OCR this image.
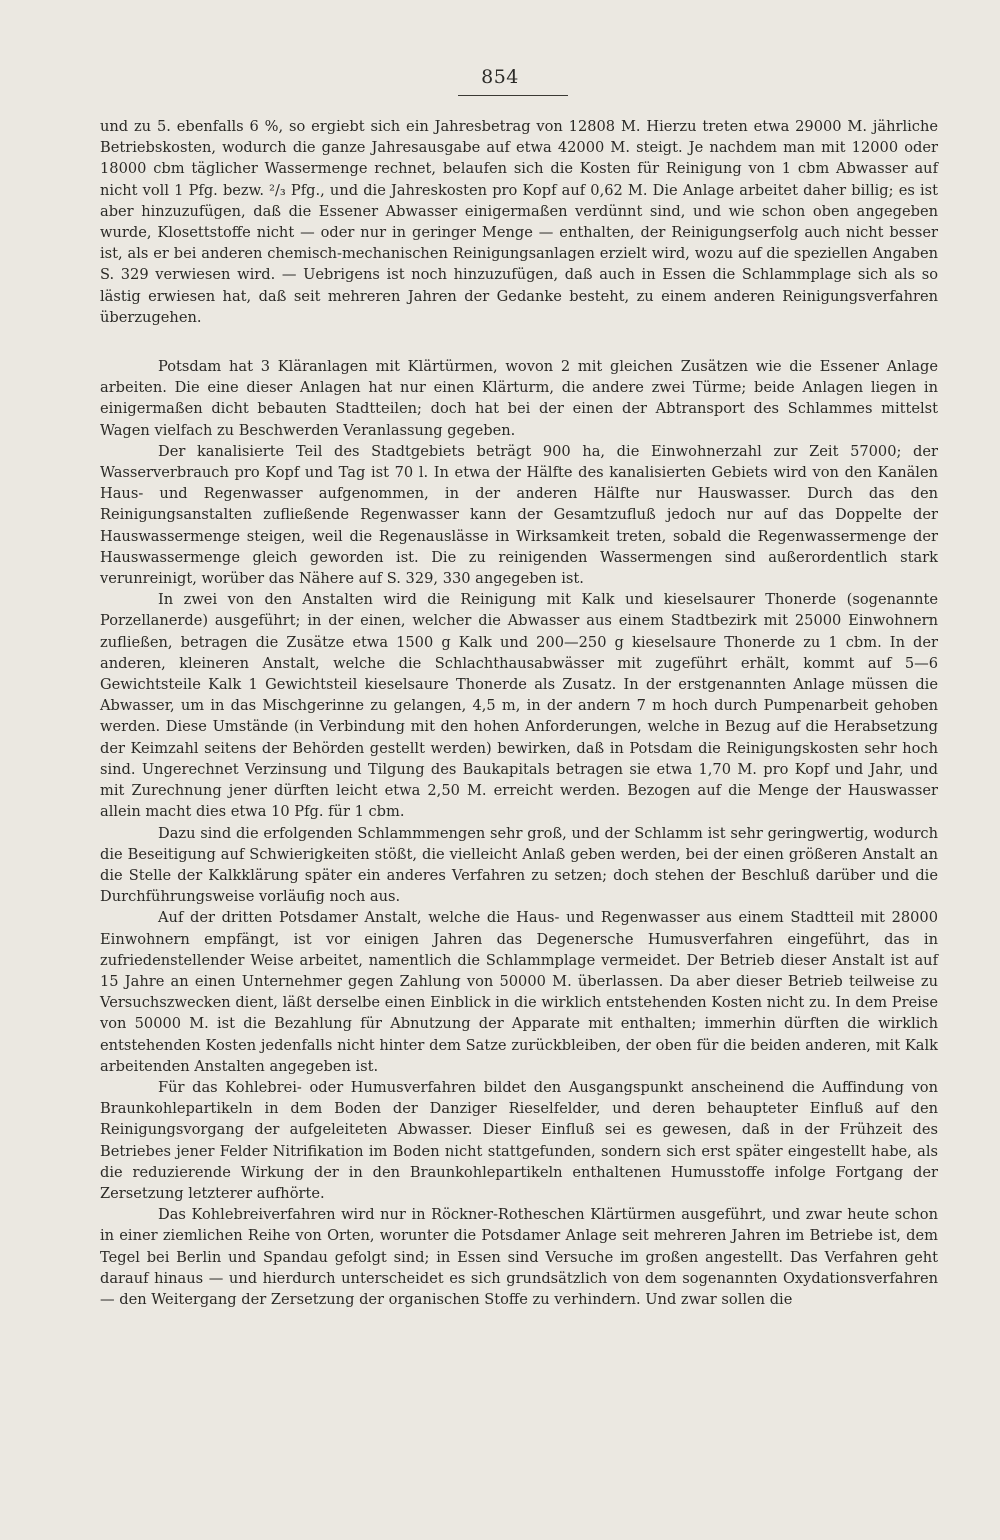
854

und zu 5. ebenfalls 6 %, so ergiebt sich ein Jahresbetrag von 12808 M. Hierzu treten etwa 29000 M. jährliche Betriebskosten, wodurch die ganze Jahresausgabe auf etwa 42000 M. steigt. Je nachdem man mit 12000 oder 18000 cbm täglicher Wassermenge rechnet, belaufen sich die Kosten für Reinigung von 1 cbm Abwasser auf nicht voll 1 Pfg. bezw. ²/₃ Pfg., und die Jahreskosten pro Kopf auf 0,62 M. Die Anlage arbeitet daher billig; es ist aber hinzuzufügen, daß die Essener Abwasser einigermaßen verdünnt sind, und wie schon oben angegeben wurde, Klosettstoffe nicht — oder nur in geringer Menge — enthalten, der Reinigungserfolg auch nicht besser ist, als er bei anderen chemisch-mechanischen Reinigungsanlagen erzielt wird, wozu auf die speziellen Angaben S. 329 verwiesen wird. — Uebrigens ist noch hinzuzufügen, daß auch in Essen die Schlammplage sich als so lästig erwiesen hat, daß seit mehreren Jahren der Gedanke besteht, zu einem anderen Reinigungsverfahren überzugehen.

Potsdam hat 3 Kläranlagen mit Klärtürmen, wovon 2 mit gleichen Zusätzen wie die Essener Anlage arbeiten. Die eine dieser Anlagen hat nur einen Klärturm, die andere zwei Türme; beide Anlagen liegen in einigermaßen dicht bebauten Stadtteilen; doch hat bei der einen der Abtransport des Schlammes mittelst Wagen vielfach zu Beschwerden Veranlassung gegeben.

Der kanalisierte Teil des Stadtgebiets beträgt 900 ha, die Einwohnerzahl zur Zeit 57000; der Wasserverbrauch pro Kopf und Tag ist 70 l. In etwa der Hälfte des kanalisierten Gebiets wird von den Kanälen Haus- und Regenwasser aufgenommen, in der anderen Hälfte nur Hauswasser. Durch das den Reinigungsanstalten zufließende Regenwasser kann der Gesamtzufluß jedoch nur auf das Doppelte der Hauswassermenge steigen, weil die Regenauslässe in Wirksamkeit treten, sobald die Regenwassermenge der Hauswassermenge gleich geworden ist. Die zu reinigenden Wassermengen sind außerordentlich stark verunreinigt, worüber das Nähere auf S. 329, 330 angegeben ist.

In zwei von den Anstalten wird die Reinigung mit Kalk und kieselsaurer Thonerde (sogenannte Porzellanerde) ausgeführt; in der einen, welcher die Abwasser aus einem Stadtbezirk mit 25000 Einwohnern zufließen, betragen die Zusätze etwa 1500 g Kalk und 200—250 g kieselsaure Thonerde zu 1 cbm. In der anderen, kleineren Anstalt, welche die Schlachthausabwässer mit zugeführt erhält, kommt auf 5—6 Gewichtsteile Kalk 1 Gewichtsteil kieselsaure Thonerde als Zusatz. In der erstgenannten Anlage müssen die Abwasser, um in das Mischgerinne zu gelangen, 4,5 m, in der andern 7 m hoch durch Pumpenarbeit gehoben werden. Diese Umstände (in Verbindung mit den hohen Anforderungen, welche in Bezug auf die Herabsetzung der Keimzahl seitens der Behörden gestellt werden) bewirken, daß in Potsdam die Reinigungskosten sehr hoch sind. Ungerechnet Verzinsung und Tilgung des Baukapitals betragen sie etwa 1,70 M. pro Kopf und Jahr, und mit Zurechnung jener dürften leicht etwa 2,50 M. erreicht werden. Bezogen auf die Menge der Hauswasser allein macht dies etwa 10 Pfg. für 1 cbm.

Dazu sind die erfolgenden Schlammmengen sehr groß, und der Schlamm ist sehr geringwertig, wodurch die Beseitigung auf Schwierigkeiten stößt, die vielleicht Anlaß geben werden, bei der einen größeren Anstalt an die Stelle der Kalkklärung später ein anderes Verfahren zu setzen; doch stehen der Beschluß darüber und die Durchführungsweise vorläufig noch aus.

Auf der dritten Potsdamer Anstalt, welche die Haus- und Regenwasser aus einem Stadtteil mit 28000 Einwohnern empfängt, ist vor einigen Jahren das Degenersche Humusverfahren eingeführt, das in zufriedenstellender Weise arbeitet, namentlich die Schlammplage vermeidet. Der Betrieb dieser Anstalt ist auf 15 Jahre an einen Unternehmer gegen Zahlung von 50000 M. überlassen. Da aber dieser Betrieb teilweise zu Versuchszwecken dient, läßt derselbe einen Einblick in die wirklich entstehenden Kosten nicht zu. In dem Preise von 50000 M. ist die Bezahlung für Abnutzung der Apparate mit enthalten; immerhin dürften die wirklich entstehenden Kosten jedenfalls nicht hinter dem Satze zurückbleiben, der oben für die beiden anderen, mit Kalk arbeitenden Anstalten angegeben ist.

Für das Kohlebrei- oder Humusverfahren bildet den Ausgangspunkt anscheinend die Auffindung von Braunkohlepartikeln in dem Boden der Danziger Rieselfelder, und deren behaupteter Einfluß auf den Reinigungsvorgang der aufgeleiteten Abwasser. Dieser Einfluß sei es gewesen, daß in der Frühzeit des Betriebes jener Felder Nitrifikation im Boden nicht stattgefunden, sondern sich erst später eingestellt habe, als die reduzierende Wirkung der in den Braunkohlepartikeln enthaltenen Humusstoffe infolge Fortgang der Zersetzung letzterer aufhörte.

Das Kohlebreiverfahren wird nur in Röckner-Rotheschen Klärtürmen ausgeführt, und zwar heute schon in einer ziemlichen Reihe von Orten, worunter die Potsdamer Anlage seit mehreren Jahren im Betriebe ist, dem Tegel bei Berlin und Spandau gefolgt sind; in Essen sind Versuche im großen angestellt. Das Verfahren geht darauf hinaus — und hierdurch unterscheidet es sich grundsätzlich von dem sogenannten Oxydationsverfahren — den Weitergang der Zersetzung der organischen Stoffe zu verhindern. Und zwar sollen die
